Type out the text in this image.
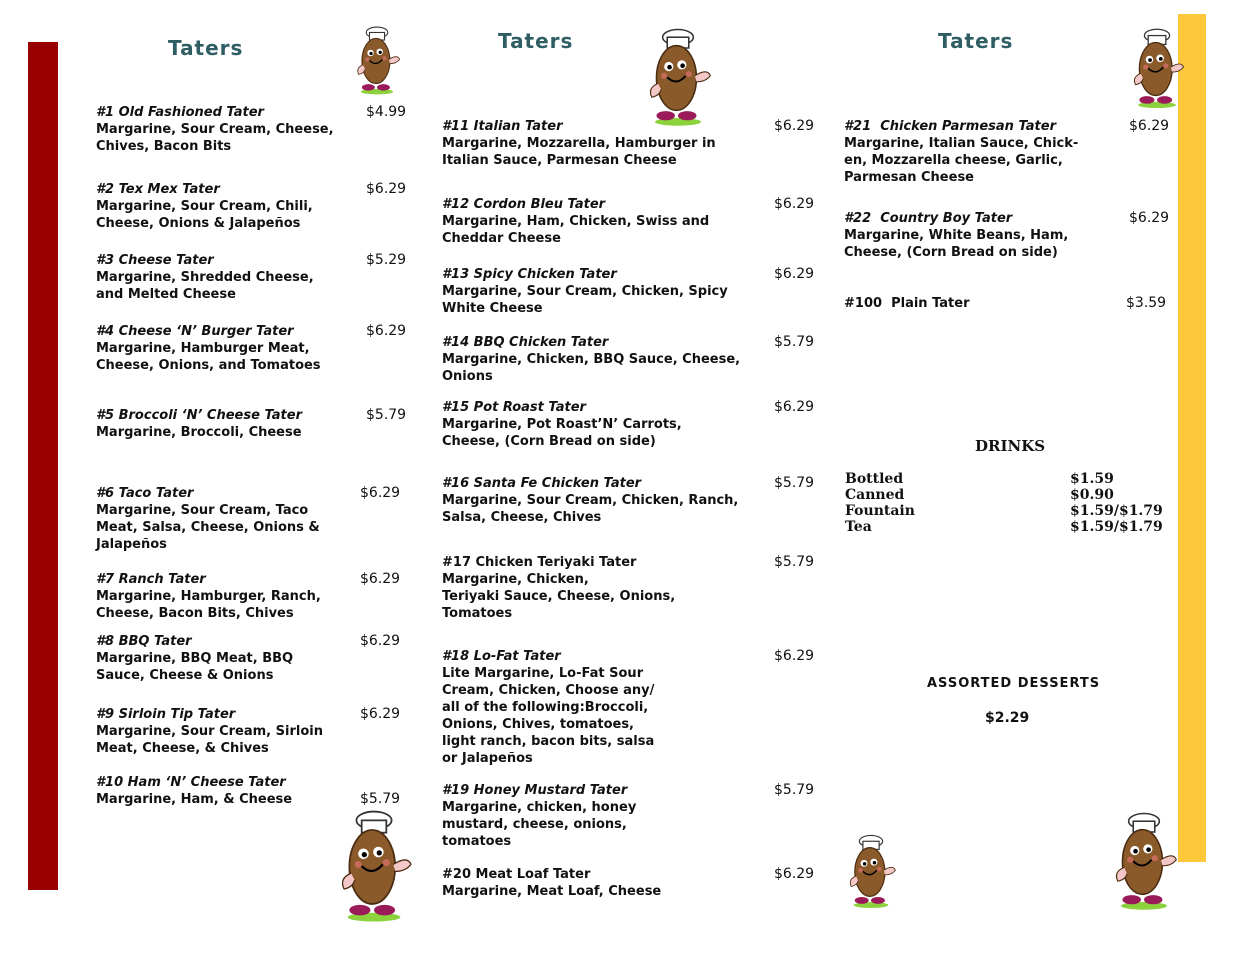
Taters	Taters	Taters
#1 Old Fashioned Tater
Margarine, Sour Cream, Cheese,
Chives, Bacon Bits
$4.99
#2 Tex Mex Tater
Margarine, Sour Cream, Chili,
Cheese, Onions & Jalapeños
$6.29
#3 Cheese Tater
Margarine, Shredded Cheese,
and Melted Cheese
$5.29
#4 Cheese ‘N’ Burger Tater
Margarine, Hamburger Meat,
Cheese, Onions, and Tomatoes
$6.29
#5 Broccoli ‘N’ Cheese Tater
Margarine, Broccoli, Cheese
$5.79
#6 Taco Tater
Margarine, Sour Cream, Taco
Meat, Salsa, Cheese, Onions &
Jalapeños
$6.29
#7 Ranch Tater
Margarine, Hamburger, Ranch,
Cheese, Bacon Bits, Chives
$6.29
#8 BBQ Tater
Margarine, BBQ Meat, BBQ
Sauce, Cheese & Onions
$6.29
#9 Sirloin Tip Tater
Margarine, Sour Cream, Sirloin
Meat, Cheese, & Chives
$6.29
#10 Ham ‘N’ Cheese Tater
Margarine, Ham, & Cheese	$5.79
#11 Italian Tater
Margarine, Mozzarella, Hamburger in
Italian Sauce, Parmesan Cheese
$6.29
#12 Cordon Bleu Tater
Margarine, Ham, Chicken, Swiss and
Cheddar Cheese
$6.29
#13 Spicy Chicken Tater
Margarine, Sour Cream, Chicken, Spicy
White Cheese
$6.29
#14 BBQ Chicken Tater
Margarine, Chicken, BBQ Sauce, Cheese,
Onions
$5.79
#15 Pot Roast Tater
Margarine, Pot Roast’N’ Carrots,
Cheese, (Corn Bread on side)
$6.29
#16 Santa Fe Chicken Tater
Margarine, Sour Cream, Chicken, Ranch,
Salsa, Cheese, Chives
$5.79
#17 Chicken Teriyaki Tater
Margarine, Chicken,
Teriyaki Sauce, Cheese, Onions,
Tomatoes
$5.79
#18 Lo-Fat Tater
Lite Margarine, Lo-Fat Sour
Cream, Chicken, Choose any/
all of the following:Broccoli,
Onions, Chives, tomatoes,
light ranch, bacon bits, salsa
or Jalapeños
$6.29
#19 Honey Mustard Tater
Margarine, chicken, honey
mustard, cheese, onions,
tomatoes
$5.79
#20 Meat Loaf Tater
Margarine, Meat Loaf, Cheese
$6.29
#21  Chicken Parmesan Tater
Margarine, Italian Sauce, Chick-
en, Mozzarella cheese, Garlic,
Parmesan Cheese
$6.29
#22  Country Boy Tater
Margarine, White Beans, Ham,
Cheese, (Corn Bread on side)
$6.29
#100  Plain Tater	$3.59
DRINKS
Bottled	$1.59
Canned	$0.90
Fountain	$1.59/$1.79
Tea	$1.59/$1.79
ASSORTED DESSERTS
$2.29
